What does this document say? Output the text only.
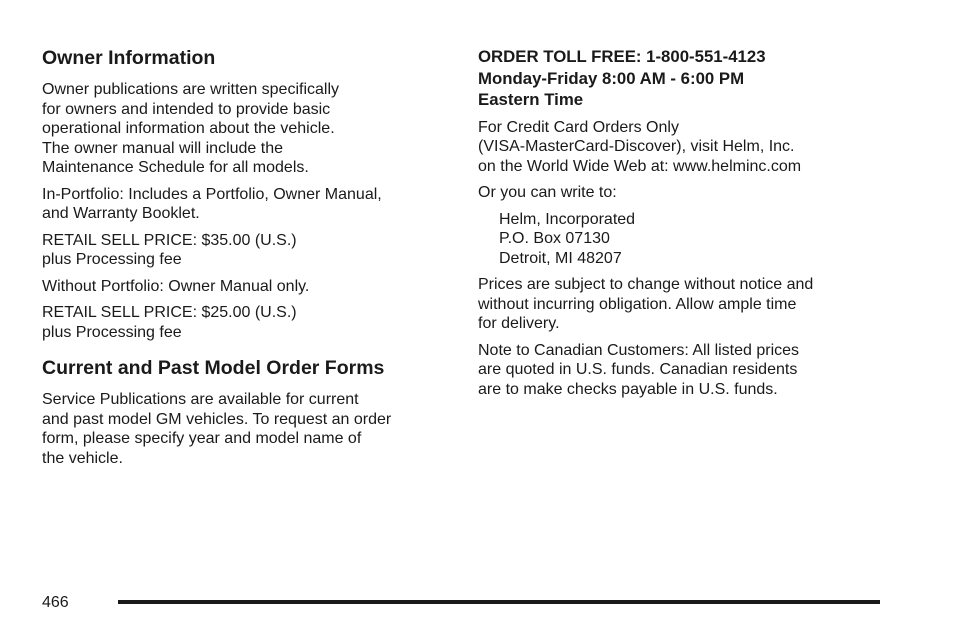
Owner Information

Owner publications are written specifically
for owners and intended to provide basic
operational information about the vehicle.
The owner manual will include the
Maintenance Schedule for all models.

In-Portfolio: Includes a Portfolio, Owner Manual,
and Warranty Booklet.

RETAIL SELL PRICE: $35.00 (U.S.)
plus Processing fee

Without Portfolio: Owner Manual only.

RETAIL SELL PRICE: $25.00 (U.S.)
plus Processing fee

Current and Past Model Order Forms

Service Publications are available for current
and past model GM vehicles. To request an order
form, please specify year and model name of
the vehicle.

ORDER TOLL FREE: 1-800-551-4123
Monday-Friday 8:00 AM - 6:00 PM
Eastern Time

For Credit Card Orders Only
(VISA-MasterCard-Discover), visit Helm, Inc.
on the World Wide Web at: www.helminc.com

Or you can write to:

Helm, Incorporated
P.O. Box 07130
Detroit, MI 48207

Prices are subject to change without notice and
without incurring obligation. Allow ample time
for delivery.

Note to Canadian Customers: All listed prices
are quoted in U.S. funds. Canadian residents
are to make checks payable in U.S. funds.

466
